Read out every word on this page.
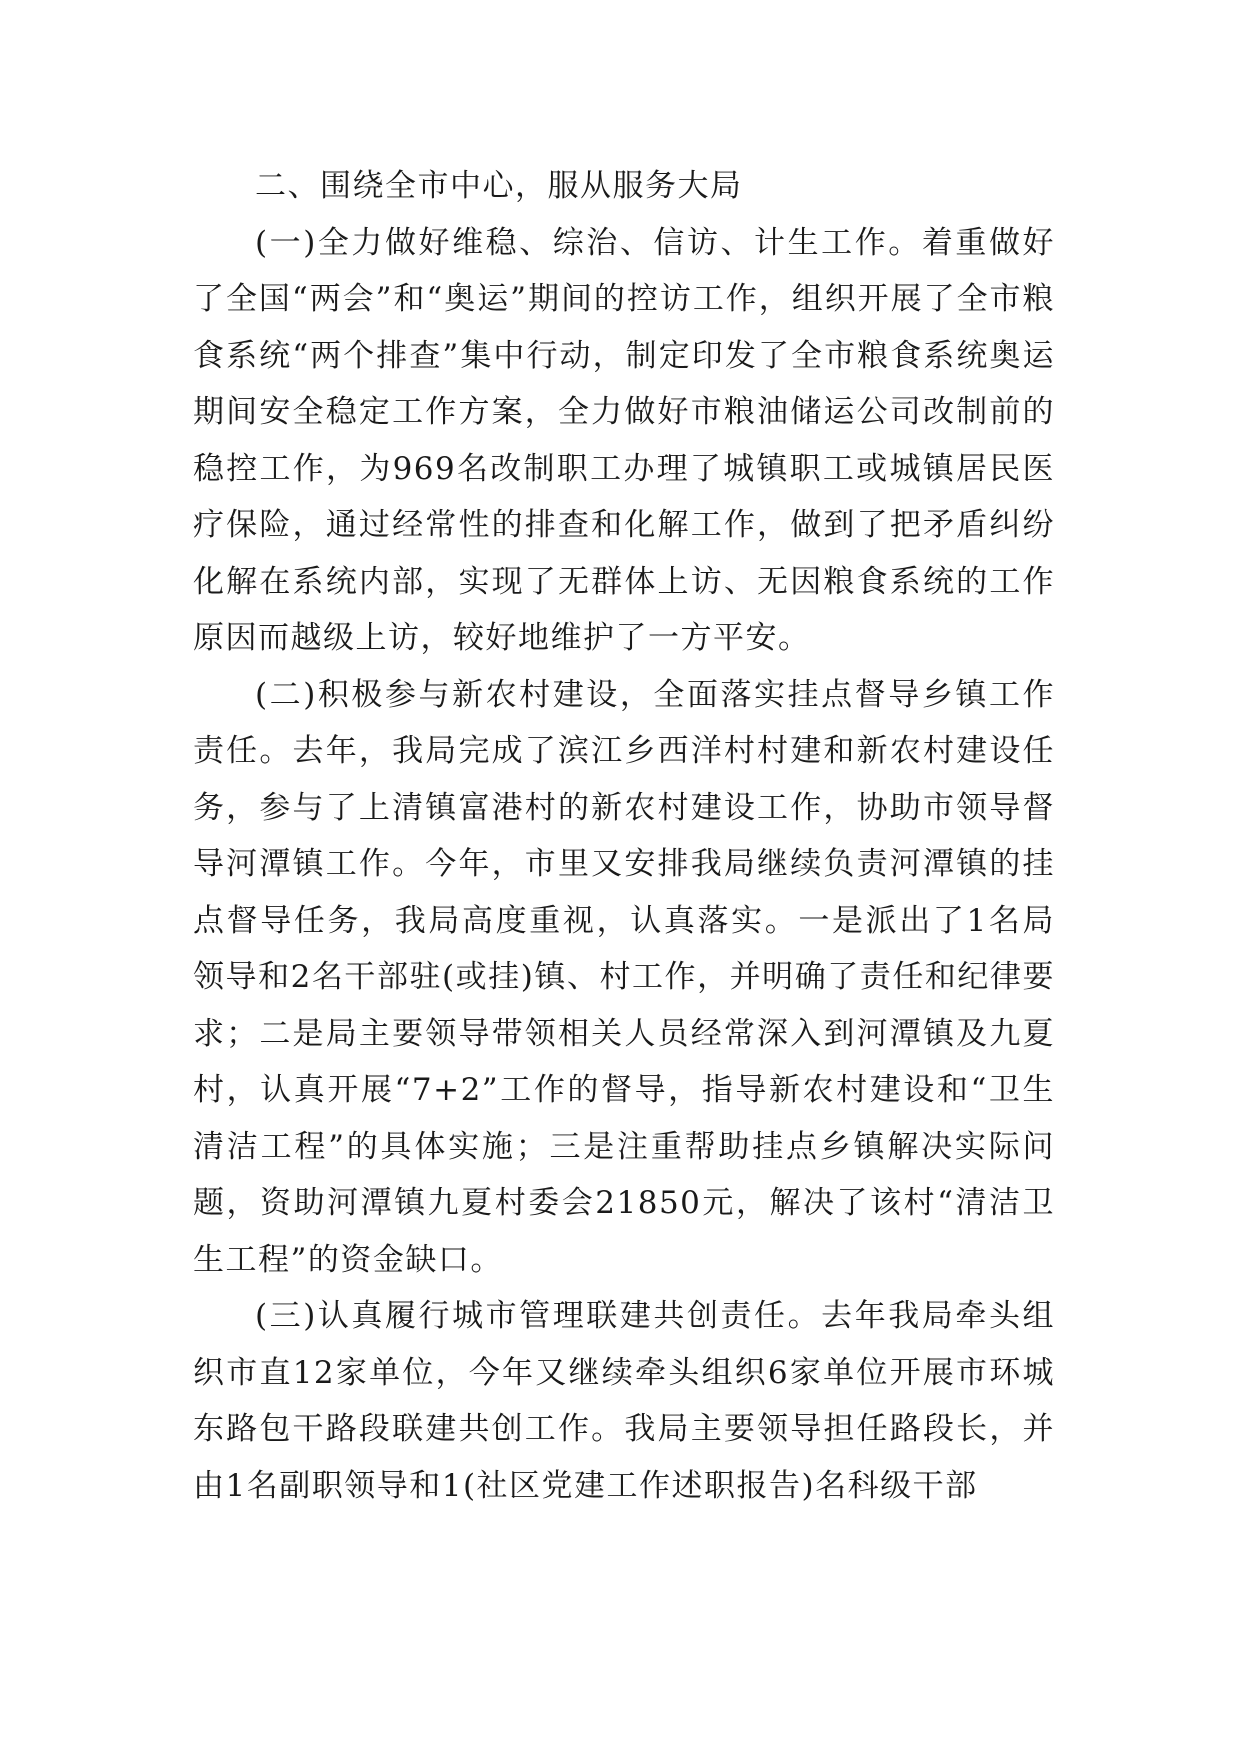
二、围绕全市中心，服从服务大局

(一)全力做好维稳、综治、信访、计生工作。着重做好了全国“两会”和“奥运”期间的控访工作，组织开展了全市粮食系统“两个排查”集中行动，制定印发了全市粮食系统奥运期间安全稳定工作方案，全力做好市粮油储运公司改制前的稳控工作，为969名改制职工办理了城镇职工或城镇居民医疗保险，通过经常性的排查和化解工作，做到了把矛盾纠纷化解在系统内部，实现了无群体上访、无因粮食系统的工作原因而越级上访，较好地维护了一方平安。

(二)积极参与新农村建设，全面落实挂点督导乡镇工作责任。去年，我局完成了滨江乡西洋村村建和新农村建设任务，参与了上清镇富港村的新农村建设工作，协助市领导督导河潭镇工作。今年，市里又安排我局继续负责河潭镇的挂点督导任务，我局高度重视，认真落实。一是派出了1名局领导和2名干部驻(或挂)镇、村工作，并明确了责任和纪律要求；二是局主要领导带领相关人员经常深入到河潭镇及九夏村，认真开展“7+2”工作的督导，指导新农村建设和“卫生清洁工程”的具体实施；三是注重帮助挂点乡镇解决实际问题，资助河潭镇九夏村委会21850元，解决了该村“清洁卫生工程”的资金缺口。

(三)认真履行城市管理联建共创责任。去年我局牵头组织市直12家单位，今年又继续牵头组织6家单位开展市环城东路包干路段联建共创工作。我局主要领导担任路段长，并由1名副职领导和1(社区党建工作述职报告)名科级干部
